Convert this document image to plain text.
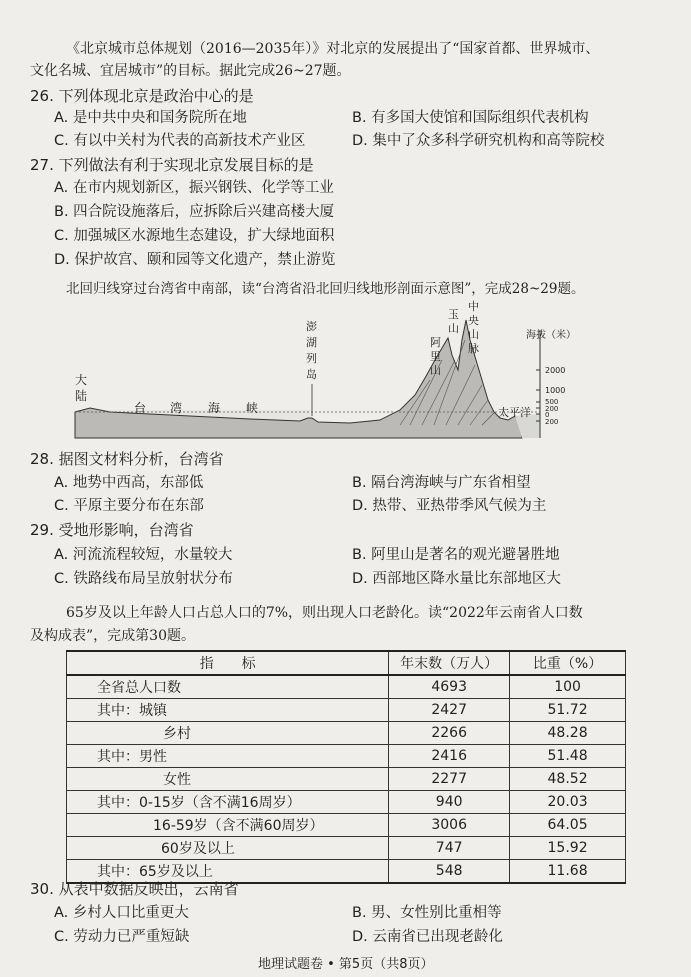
《北京城市总体规划（2016—2035年）》对北京的发展提出了“国家首都、世界城市、
文化名城、宜居城市”的目标。据此完成26~27题。
26. 下列体现北京是政治中心的是
A. 是中共中央和国务院所在地	B. 有多国大使馆和国际组织代表机构
C. 有以中关村为代表的高新技术产业区	D. 集中了众多科学研究机构和高等院校
27. 下列做法有利于实现北京发展目标的是
A. 在市内规划新区，振兴钢铁、化学等工业
B. 四合院设施落后，应拆除后兴建高楼大厦
C. 加强城区水源地生态建设，扩大绿地面积
D. 保护故宫、颐和园等文化遗产，禁止游览
北回归线穿过台湾省中南部，读“台湾省沿北回归线地形剖面示意图”，完成28~29题。
2000
1000
500
200
0
200
海拔（米）
大
陆
台 湾 海 峡
澎
湖
列
岛
阿
里
山
玉
山
中
央
山
脉
太平洋
28. 据图文材料分析，台湾省
A. 地势中西高，东部低	B. 隔台湾海峡与广东省相望
C. 平原主要分布在东部	D. 热带、亚热带季风气候为主
29. 受地形影响，台湾省
A. 河流流程较短，水量较大	B. 阿里山是著名的观光避暑胜地
C. 铁路线布局呈放射状分布	D. 西部地区降水量比东部地区大
65岁及以上年龄人口占总人口的7%，则出现人口老龄化。读“2022年云南省人口数
及构成表”，完成第30题。
指　　标	年末数（万人）	比重（%）
全省总人口数	4693	100
其中：城镇	2427	51.72
乡村	2266	48.28
其中：男性	2416	51.48
女性	2277	48.52
其中：0-15岁（含不满16周岁）	940	20.03
16-59岁（含不满60周岁）	3006	64.05
60岁及以上	747	15.92
其中：65岁及以上	548	11.68
30. 从表中数据反映出，云南省
A. 乡村人口比重更大	B. 男、女性别比重相等
C. 劳动力已严重短缺	D. 云南省已出现老龄化
地理试题卷 • 第5页（共8页）
